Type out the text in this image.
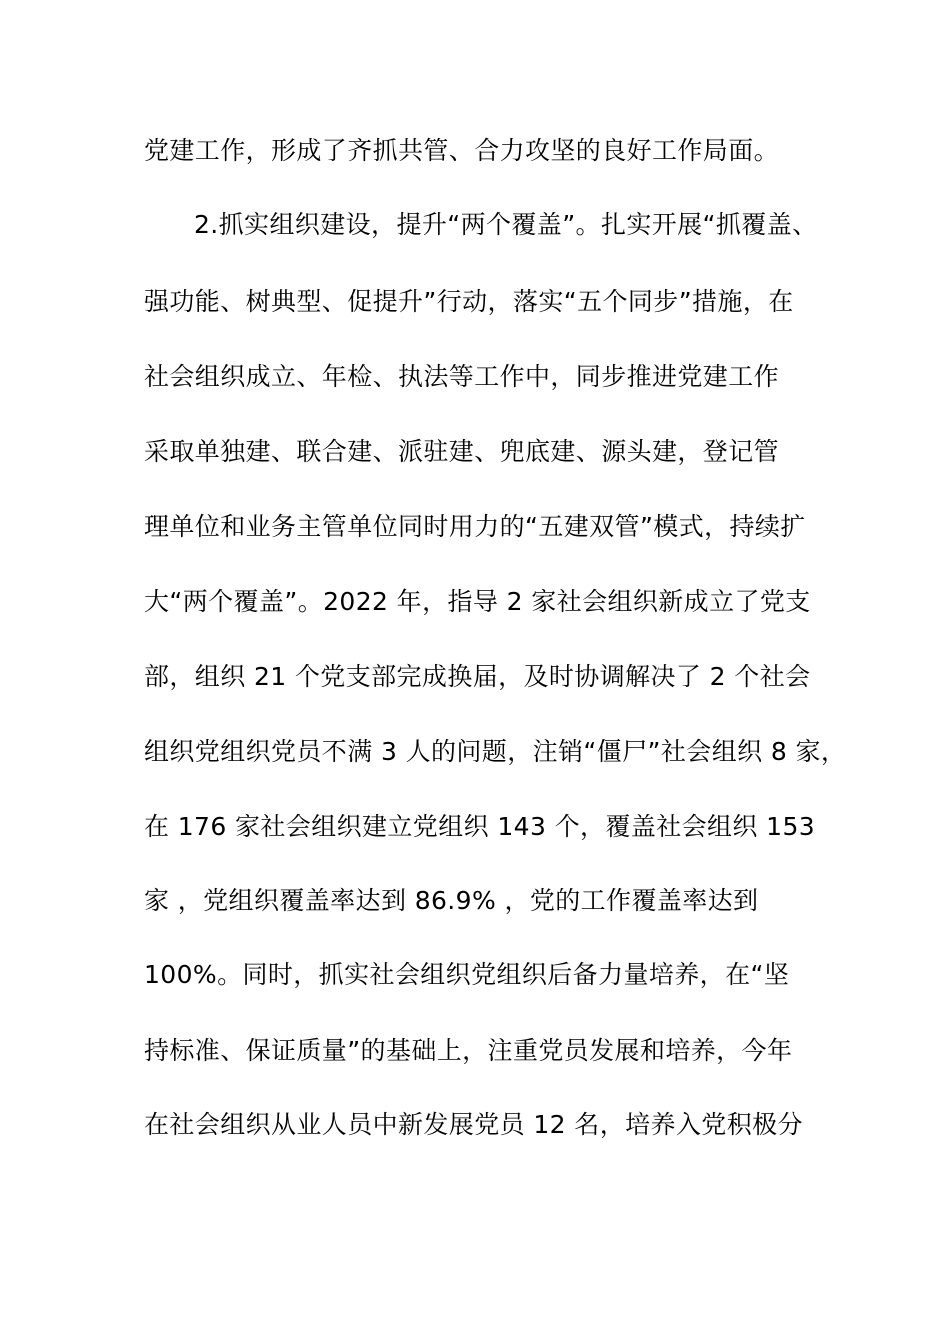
党建工作，形成了齐抓共管、合力攻坚的良好工作局面。
2.抓实组织建设，提升“两个覆盖”。扎实开展“抓覆盖、
强功能、树典型、促提升”行动，落实“五个同步”措施，在
社会组织成立、年检、执法等工作中，同步推进党建工作
采取单独建、联合建、派驻建、兜底建、源头建，登记管
理单位和业务主管单位同时用力的“五建双管”模式，持续扩
大“两个覆盖”。2022 年，指导 2 家社会组织新成立了党支
部，组织 21 个党支部完成换届，及时协调解决了 2 个社会
组织党组织党员不满 3 人的问题，注销“僵尸”社会组织 8 家，
在 176 家社会组织建立党组织 143 个，覆盖社会组织 153
家 ，党组织覆盖率达到 86.9% ，党的工作覆盖率达到
100%。同时，抓实社会组织党组织后备力量培养，在“坚
持标准、保证质量”的基础上，注重党员发展和培养，今年
在社会组织从业人员中新发展党员 12 名，培养入党积极分
